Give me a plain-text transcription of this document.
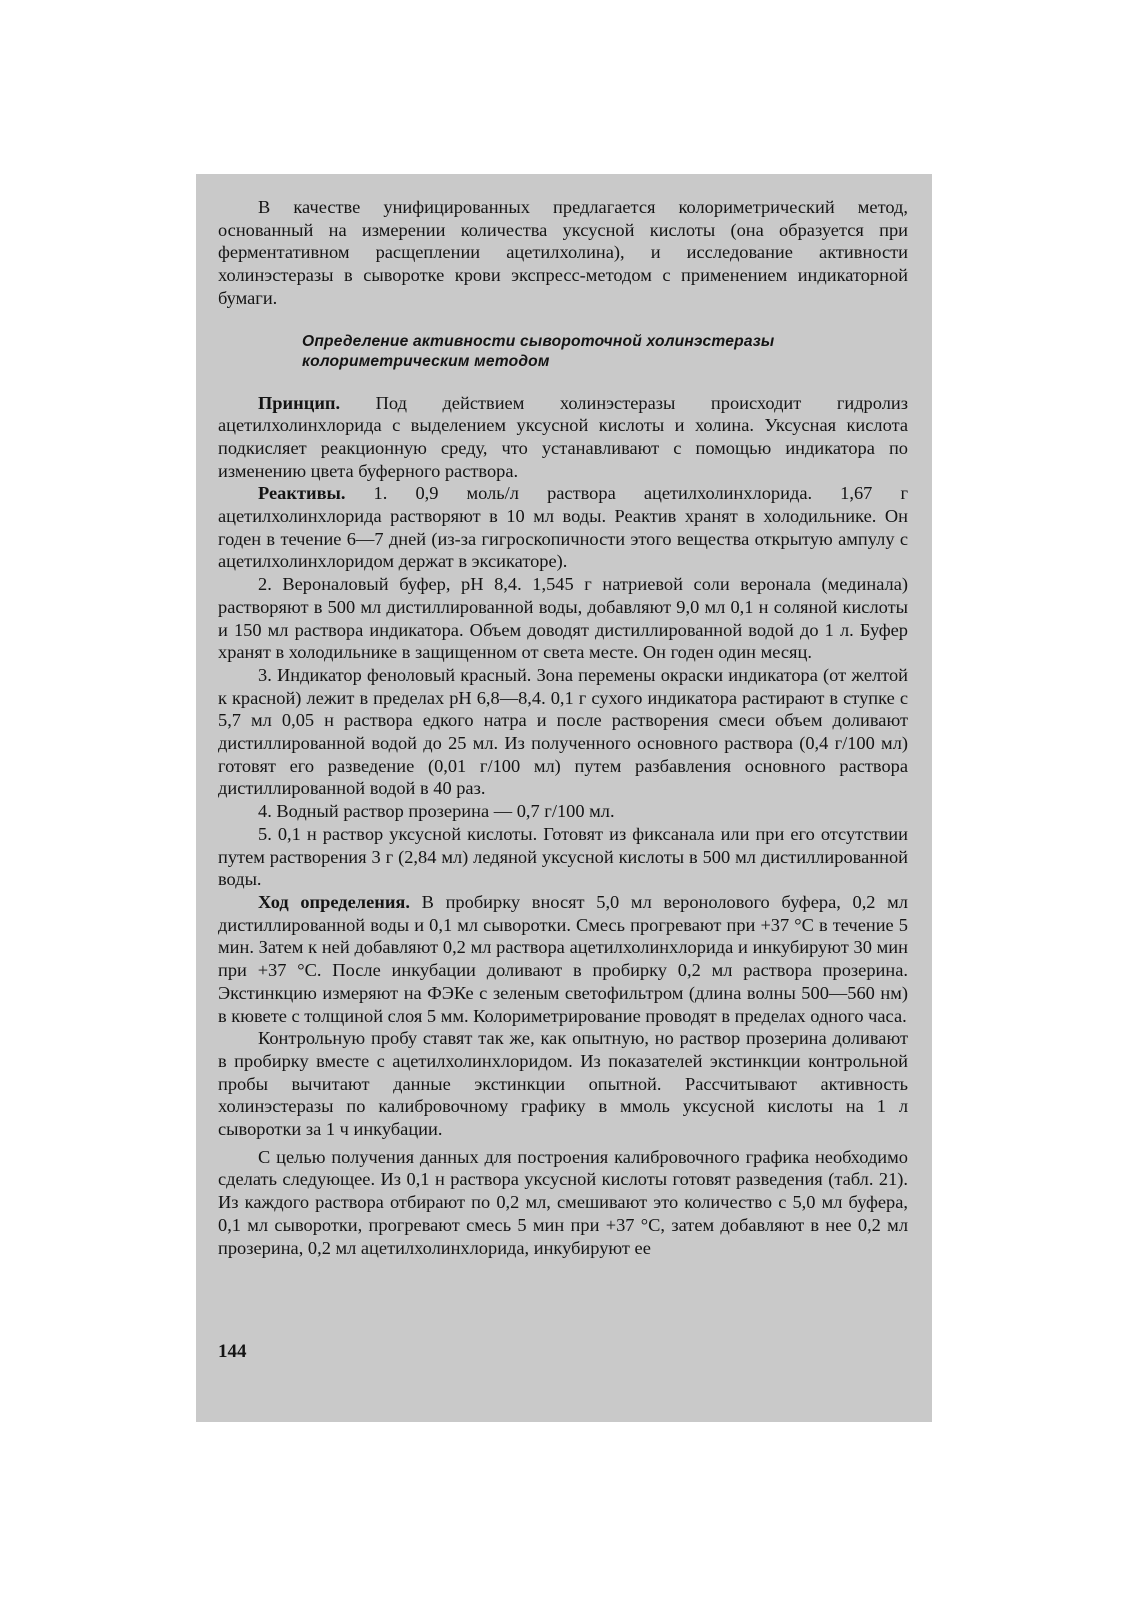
В качестве унифицированных предлагается колориметрический метод, основанный на измерении количества уксусной кислоты (она образуется при ферментативном расщеплении ацетилхолина), и исследование активности холинэстеразы в сыворотке крови экспресс-методом с применением индикаторной бумаги.

Определение активности сывороточной холинэстеразы
колориметрическим методом

Принцип. Под действием холинэстеразы происходит гидролиз ацетилхолинхлорида с выделением уксусной кислоты и холина. Уксусная кислота подкисляет реакционную среду, что устанавливают с помощью индикатора по изменению цвета буферного раствора.

Реактивы. 1. 0,9 моль/л раствора ацетилхолинхлорида. 1,67 г ацетилхолинхлорида растворяют в 10 мл воды. Реактив хранят в холодильнике. Он годен в течение 6—7 дней (из-за гигроскопичности этого вещества открытую ампулу с ацетилхолинхлоридом держат в эксикаторе).

2. Вероналовый буфер, pH 8,4. 1,545 г натриевой соли веронала (мединала) растворяют в 500 мл дистиллированной воды, добавляют 9,0 мл 0,1 н соляной кислоты и 150 мл раствора индикатора. Объем доводят дистиллированной водой до 1 л. Буфер хранят в холодильнике в защищенном от света месте. Он годен один месяц.

3. Индикатор феноловый красный. Зона перемены окраски индикатора (от желтой к красной) лежит в пределах pH 6,8—8,4. 0,1 г сухого индикатора растирают в ступке с 5,7 мл 0,05 н раствора едкого натра и после растворения смеси объем доливают дистиллированной водой до 25 мл. Из полученного основного раствора (0,4 г/100 мл) готовят его разведение (0,01 г/100 мл) путем разбавления основного раствора дистиллированной водой в 40 раз.

4. Водный раствор прозерина — 0,7 г/100 мл.

5. 0,1 н раствор уксусной кислоты. Готовят из фиксанала или при его отсутствии путем растворения 3 г (2,84 мл) ледяной уксусной кислоты в 500 мл дистиллированной воды.

Ход определения. В пробирку вносят 5,0 мл веронолового буфера, 0,2 мл дистиллированной воды и 0,1 мл сыворотки. Смесь прогревают при +37 °С в течение 5 мин. Затем к ней добавляют 0,2 мл раствора ацетилхолинхлорида и инкубируют 30 мин при +37 °С. После инкубации доливают в пробирку 0,2 мл раствора прозерина. Экстинкцию измеряют на ФЭКе с зеленым светофильтром (длина волны 500—560 нм) в кювете с толщиной слоя 5 мм. Колориметрирование проводят в пределах одного часа.

Контрольную пробу ставят так же, как опытную, но раствор прозерина доливают в пробирку вместе с ацетилхолинхлоридом. Из показателей экстинкции контрольной пробы вычитают данные экстинкции опытной. Рассчитывают активность холинэстеразы по калибровочному графику в ммоль уксусной кислоты на 1 л сыворотки за 1 ч инкубации.

С целью получения данных для построения калибровочного графика необходимо сделать следующее. Из 0,1 н раствора уксусной кислоты готовят разведения (табл. 21). Из каждого раствора отбирают по 0,2 мл, смешивают это количество с 5,0 мл буфера, 0,1 мл сыворотки, прогревают смесь 5 мин при +37 °С, затем добавляют в нее 0,2 мл прозерина, 0,2 мл ацетилхолинхлорида, инкубируют ее

144
